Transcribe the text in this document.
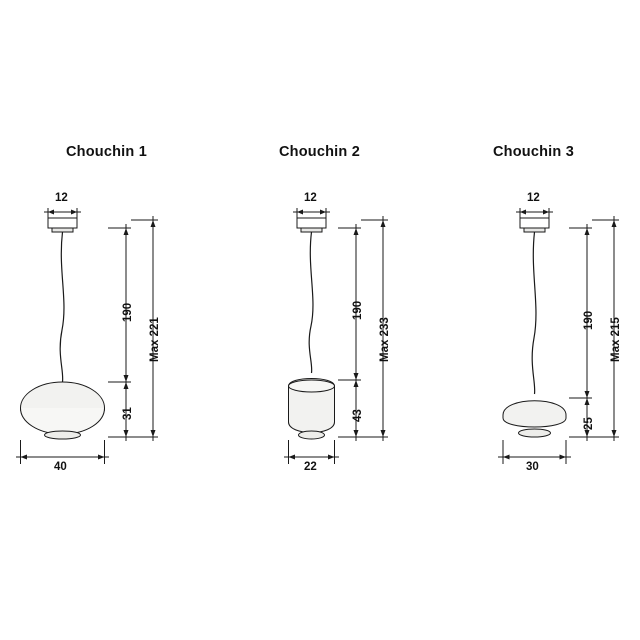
Chouchin 1
12
40
190
31
Max 221
Chouchin 2
12
22
190
43
Max 233
Chouchin 3
12
30
190
25
Max 215
